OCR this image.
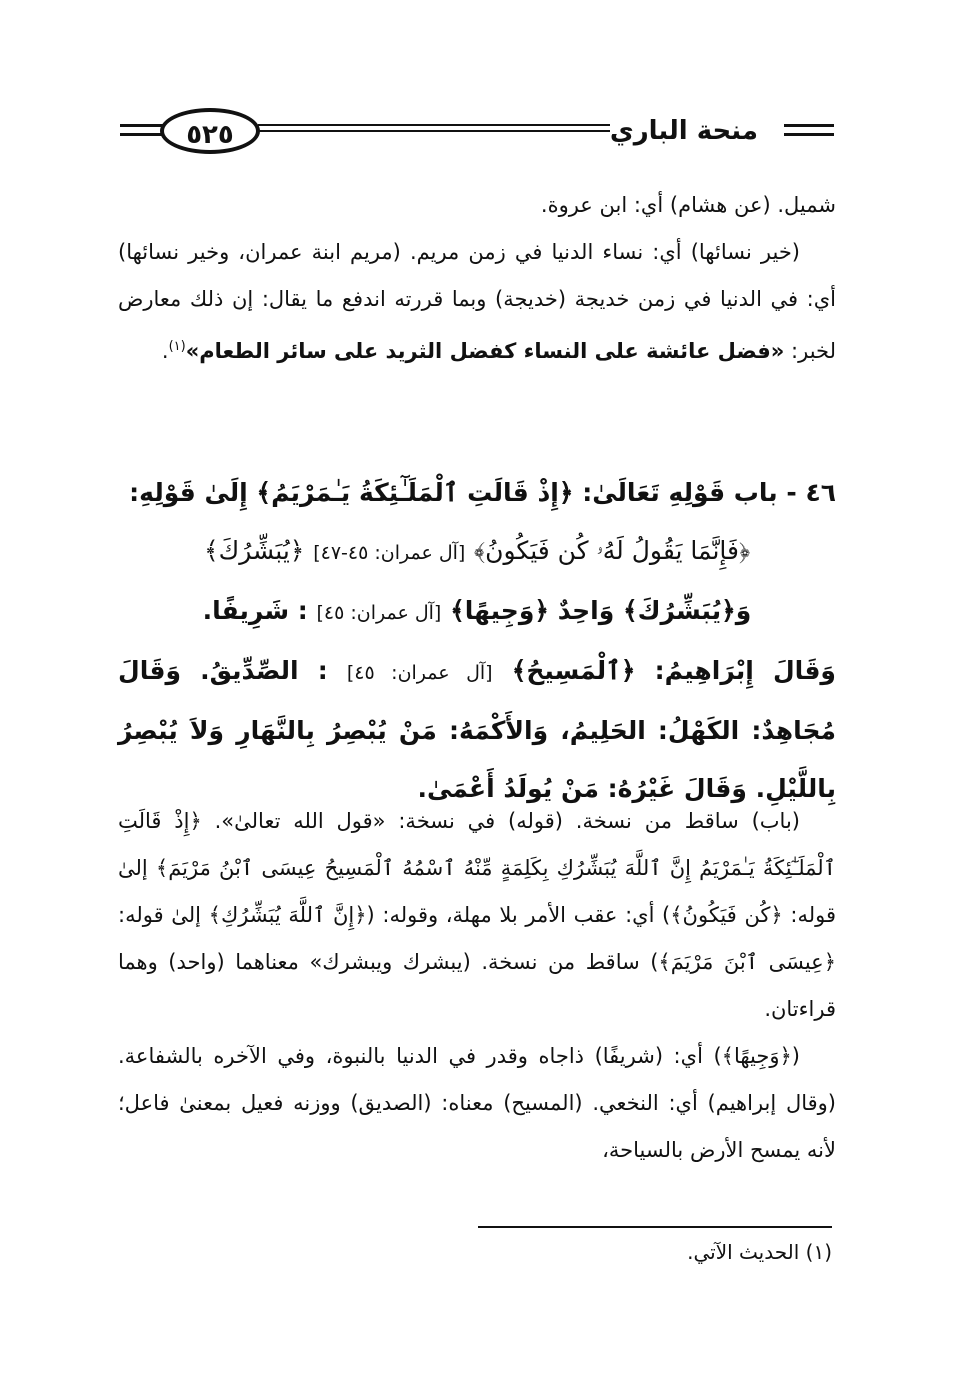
٥٢٥	منحة الباري

شميل. (عن هشام) أي: ابن عروة.

(خير نسائها) أي: نساء الدنيا في زمن مريم. (مريم ابنة عمران، وخير نسائها) أي: في الدنيا في زمن خديجة (خديجة) وبما قررته اندفع ما يقال: إن ذلك معارض لخبر: «فضل عائشة على النساء كفضل الثريد على سائر الطعام»$^{(١)}$.

٤٦ - باب قَوْلِهِ تَعَالَىٰ: ﴿إِذْ قَالَتِ ٱلْمَلَـٰٓئِكَةُ يَـٰمَرْيَمُ﴾ إِلَىٰ قَوْلِهِ:
﴿فَإِنَّمَا يَقُولُ لَهُۥ كُن فَيَكُونُ﴾ [آل عمران: ٤٥-٤٧] ﴿يُبَشِّرُكَ﴾
وَ﴿يُبَشِّرُكَ﴾ وَاحِدٌ ﴿وَجِيهًا﴾ [آل عمران: ٤٥] : شَرِيفًا.
وَقَالَ إِبْرَاهِيمُ: ﴿ٱلْمَسِيحُ﴾ [آل عمران: ٤٥] : الصِّدِّيقُ. وَقَالَ مُجَاهِدٌ: الكَهْلُ: الحَلِيمُ، وَالأَكْمَهُ: مَنْ يُبْصِرُ بِالنَّهَارِ وَلاَ يُبْصِرُ بِاللَّيْلِ. وَقَالَ غَيْرُهُ: مَنْ يُولَدُ أَعْمَىٰ.

(باب) ساقط من نسخة. (قوله) في نسخة: «قول الله تعالىٰ». ﴿إِذْ قَالَتِ ٱلْمَلَـٰٓئِكَةُ يَـٰمَرْيَمُ إِنَّ ٱللَّهَ يُبَشِّرُكِ بِكَلِمَةٍ مِّنْهُ ٱسْمُهُ ٱلْمَسِيحُ عِيسَى ٱبْنُ مَرْيَمَ﴾ إلىٰ قوله: ﴿كُن فَيَكُونُ﴾) أي: عقب الأمر بلا مهلة، وقوله: (﴿إِنَّ ٱللَّهَ يُبَشِّرُكِ﴾ إلىٰ قوله: ﴿عِيسَى ٱبْنَ مَرْيَمَ﴾) ساقط من نسخة. (يبشرك ويبشرك» معناهما (واحد) وهما قراءتان.

(﴿وَجِيهًا﴾) أي: (شريفًا) ذاجاه وقدر في الدنيا بالنبوة، وفي الآخره بالشفاعة. (وقال إبراهيم) أي: النخعي. (المسيح) معناه: (الصديق) ووزنه فعيل بمعنىٰ فاعل؛ لأنه يمسح الأرض بالسياحة،

(١) الحديث الآتي.
